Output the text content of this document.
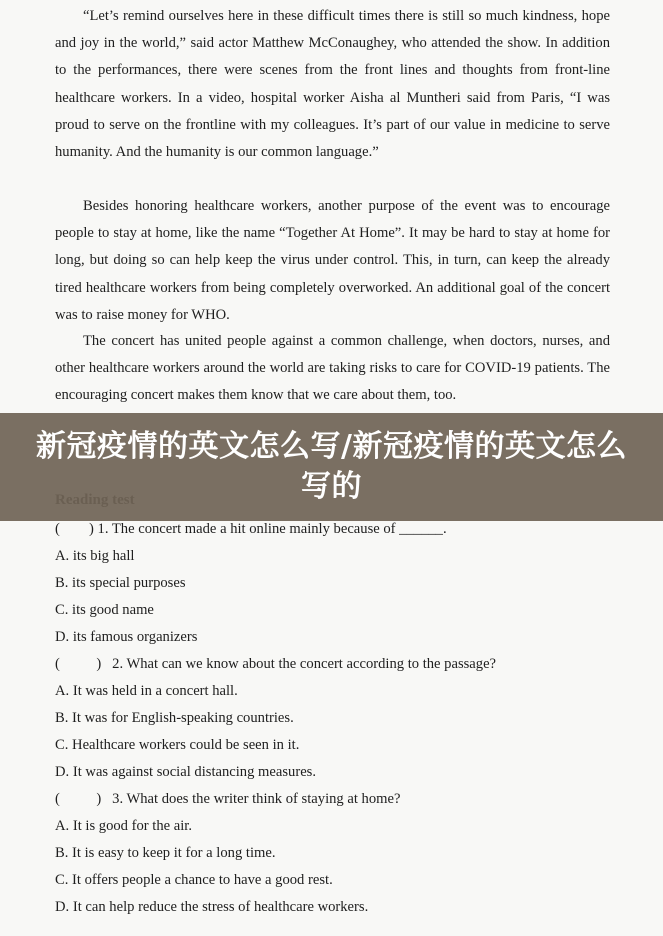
“Let’s remind ourselves here in these difficult times there is still so much kindness, hope and joy in the world,” said actor Matthew McConaughey, who attended the show. In addition to the performances, there were scenes from the front lines and thoughts from front-line healthcare workers. In a video, hospital worker Aisha al Muntheri said from Paris, “I was proud to serve on the frontline with my colleagues. It’s part of our value in medicine to serve humanity. And the humanity is our common language.”

Besides honoring healthcare workers, another purpose of the event was to encourage people to stay at home, like the name “Together At Home”. It may be hard to stay at home for long, but doing so can help keep the virus under control. This, in turn, can keep the already tired healthcare workers from being completely overworked. An additional goal of the concert was to raise money for WHO.

The concert has united people against a common challenge, when doctors, nurses, and other healthcare workers around the world are taking risks to care for COVID-19 patients. The encouraging concert makes them know that we care about them, too.

(        ) 1. The concert made a hit online mainly because of ______.
A. its big hall
B. its special purposes
C. its good name
D. its famous organizers
(          )   2. What can we know about the concert according to the passage?
A. It was held in a concert hall.
B. It was for English-speaking countries.
C. Healthcare workers could be seen in it.
D. It was against social distancing measures.
(          )   3. What does the writer think of staying at home?
A. It is good for the air.
B. It is easy to keep it for a long time.
C. It offers people a chance to have a good rest.
D. It can help reduce the stress of healthcare workers.
新冠疫情的英文怎么写/新冠疫情的英文怎么写的
